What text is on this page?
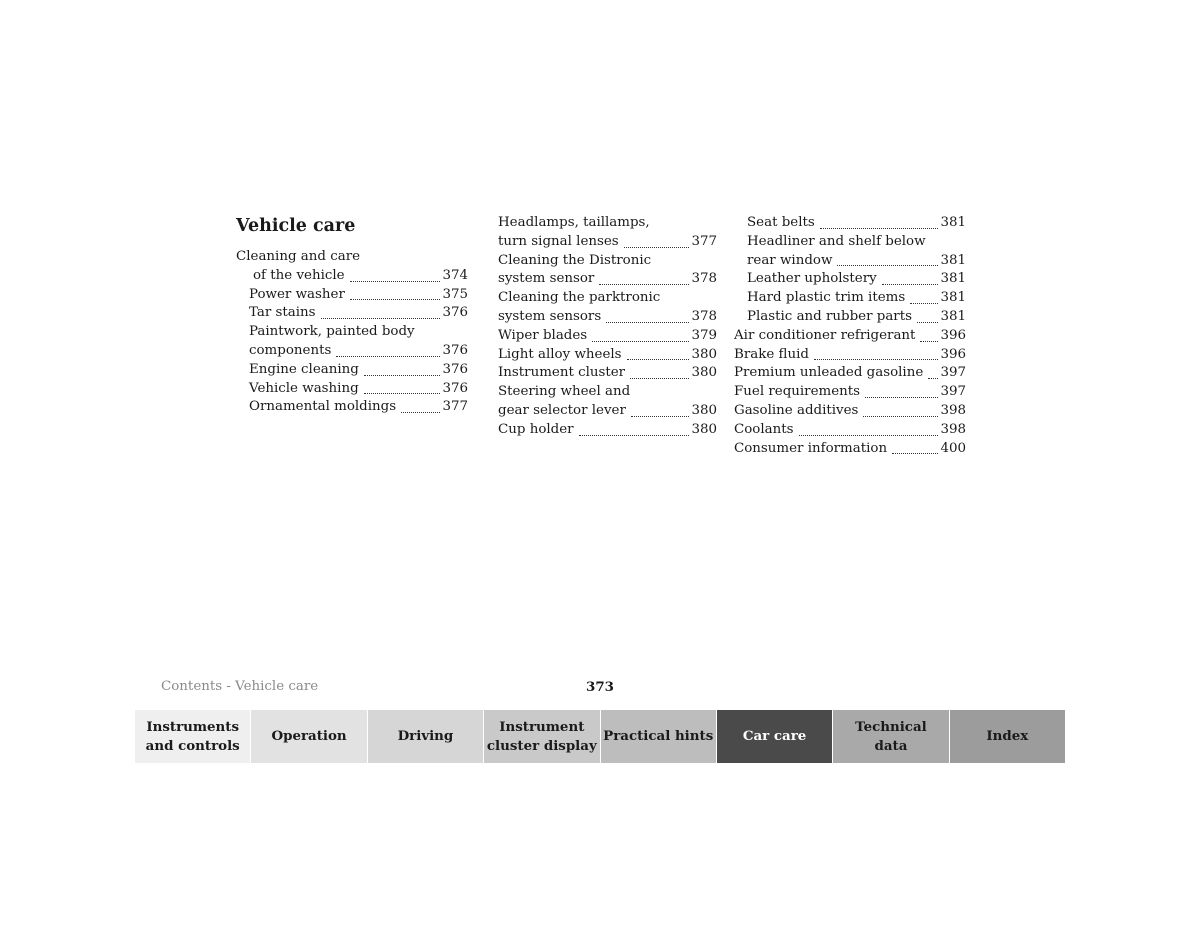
Vehicle care
Cleaning and care
of the vehicle	374
Power washer	375
Tar stains	376
Paintwork, painted body
components	376
Engine cleaning	376
Vehicle washing	376
Ornamental moldings	377
Headlamps, taillamps,
turn signal lenses	377
Cleaning the Distronic
system sensor	378
Cleaning the parktronic
system sensors	378
Wiper blades	379
Light alloy wheels	380
Instrument cluster	380
Steering wheel and
gear selector lever	380
Cup holder	380
Seat belts	381
Headliner and shelf below
rear window	381
Leather upholstery	381
Hard plastic trim items	381
Plastic and rubber parts 381
Air conditioner refrigerant 396
Brake fluid	396
Premium unleaded gasoline 397
Fuel requirements	397
Gasoline additives	398
Coolants	398
Consumer information	400
Contents - Vehicle care	373
Instruments
and controls
Operation	Driving
Instrument
cluster display
Practical hints	Car care
Technical
data
Index
